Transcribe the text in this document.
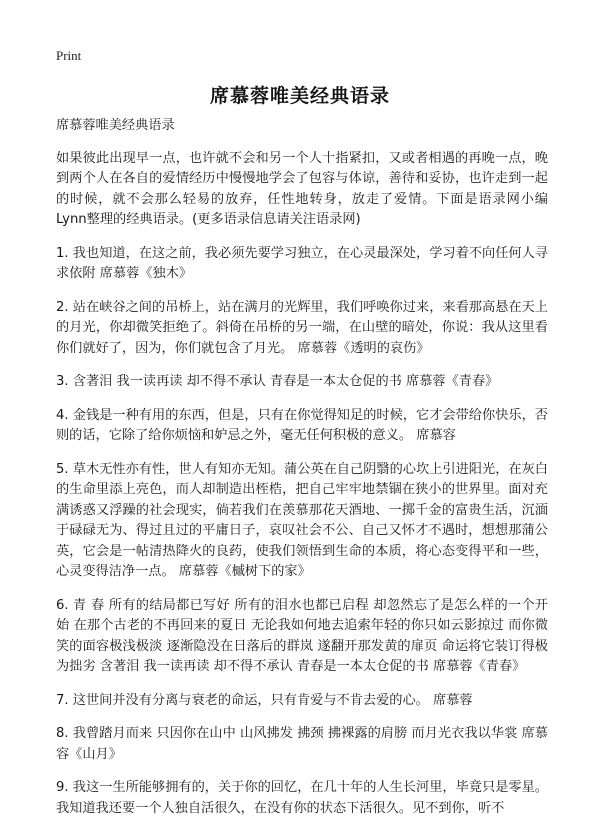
Print
席慕蓉唯美经典语录

席慕蓉唯美经典语录

如果彼此出现早一点，也许就不会和另一个人十指紧扣，又或者相遇的再晚一点，晚到两个人在各自的爱情经历中慢慢地学会了包容与体谅，善待和妥协，也许走到一起的时候，就不会那么轻易的放弃，任性地转身，放走了爱情。下面是语录网小编Lynn整理的经典语录。(更多语录信息请关注语录网)

1. 我也知道，在这之前，我必须先要学习独立，在心灵最深处，学习着不向任何人寻求依附 席慕蓉《独木》

2. 站在峡谷之间的吊桥上，站在满月的光辉里，我们呼唤你过来，来看那高悬在天上的月光，你却微笑拒绝了。斜倚在吊桥的另一端，在山壁的暗处，你说：我从这里看你们就好了，因为，你们就包含了月光。 席慕蓉《透明的哀伤》

3. 含著泪 我一读再读 却不得不承认 青春是一本太仓促的书 席慕蓉《青春》

4. 金钱是一种有用的东西，但是，只有在你觉得知足的时候，它才会带给你快乐，否则的话，它除了给你烦恼和妒忌之外，毫无任何积极的意义。 席慕容

5. 草木无性亦有性，世人有知亦无知。蒲公英在自己阴翳的心坎上引进阳光，在灰白的生命里添上亮色，而人却制造出桎梏，把自己牢牢地禁锢在狭小的世界里。面对充满诱惑又浮躁的社会现实，倘若我们在羡慕那花天酒地、一掷千金的富贵生活，沉湎于碌碌无为、得过且过的平庸日子，哀叹社会不公、自己又怀才不遇时，想想那蒲公英，它会是一帖清热降火的良药，使我们领悟到生命的本质，将心态变得平和一些，心灵变得洁净一点。 席慕蓉《槭树下的家》

6. 青 春 所有的结局都已写好 所有的泪水也都已启程 却忽然忘了是怎么样的一个开始 在那个古老的不再回来的夏日 无论我如何地去追索年轻的你只如云影掠过 而你微笑的面容极浅极淡 逐渐隐没在日落后的群岚 遂翻开那发黄的扉页 命运将它装订得极为拙劣 含著泪 我一读再读 却不得不承认 青春是一本太仓促的书 席慕蓉《青春》

7. 这世间并没有分离与衰老的命运，只有肯爱与不肯去爱的心。 席慕蓉

8. 我曾踏月而来 只因你在山中 山风拂发 拂颈 拂裸露的肩膀 而月光衣我以华裳 席慕容《山月》

9. 我这一生所能够拥有的，关于你的回忆，在几十年的人生长河里，毕竟只是零星。我知道我还要一个人独自活很久，在没有你的状态下活很久。见不到你，听不
